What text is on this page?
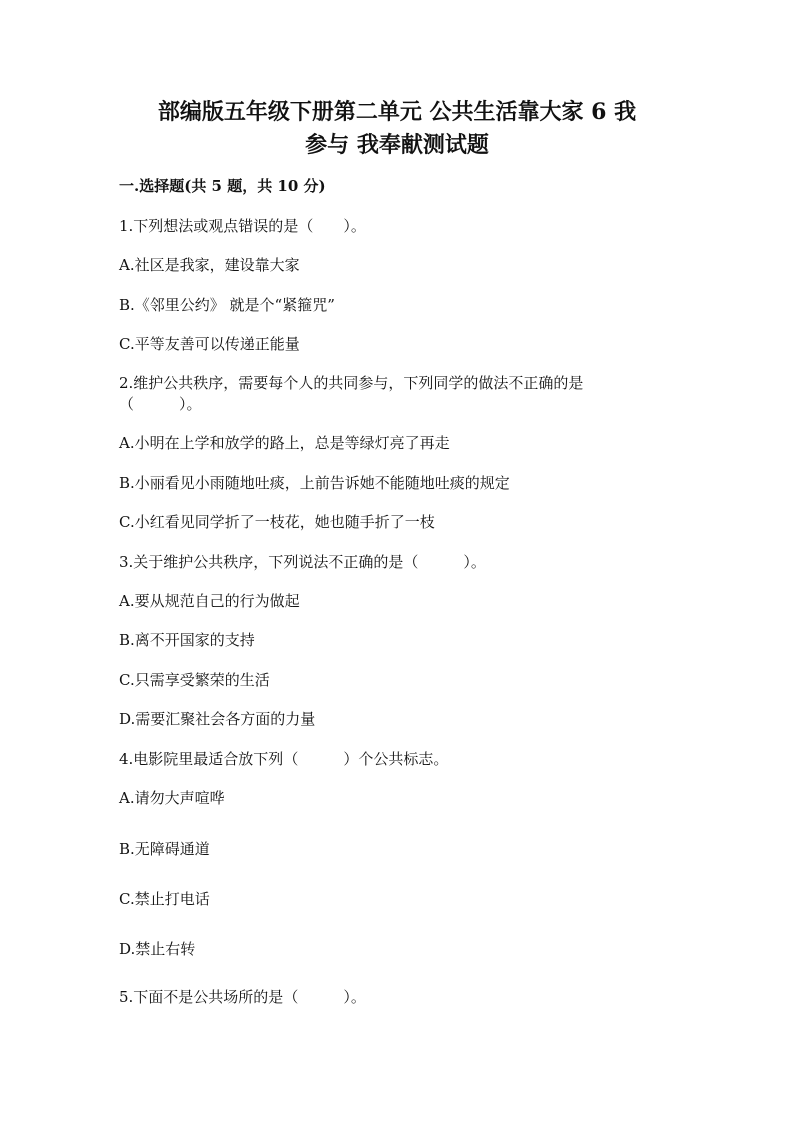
部编版五年级下册第二单元 公共生活靠大家 6 我
参与 我奉献测试题
一.选择题(共 5 题，共 10 分)
1.下列想法或观点错误的是（　　）。
A.社区是我家，建设靠大家
B.《邻里公约》 就是个“紧箍咒”
C.平等友善可以传递正能量
2.维护公共秩序，需要每个人的共同参与，下列同学的做法不正确的是
（　　　）。
A.小明在上学和放学的路上，总是等绿灯亮了再走
B.小丽看见小雨随地吐痰，上前告诉她不能随地吐痰的规定
C.小红看见同学折了一枝花，她也随手折了一枝
3.关于维护公共秩序，下列说法不正确的是（　　　）。
A.要从规范自己的行为做起
B.离不开国家的支持
C.只需享受繁荣的生活
D.需要汇聚社会各方面的力量
4.电影院里最适合放下列（　　　）个公共标志。
A.请勿大声喧哗
B.无障碍通道
C.禁止打电话
D.禁止右转
5.下面不是公共场所的是（　　　）。
